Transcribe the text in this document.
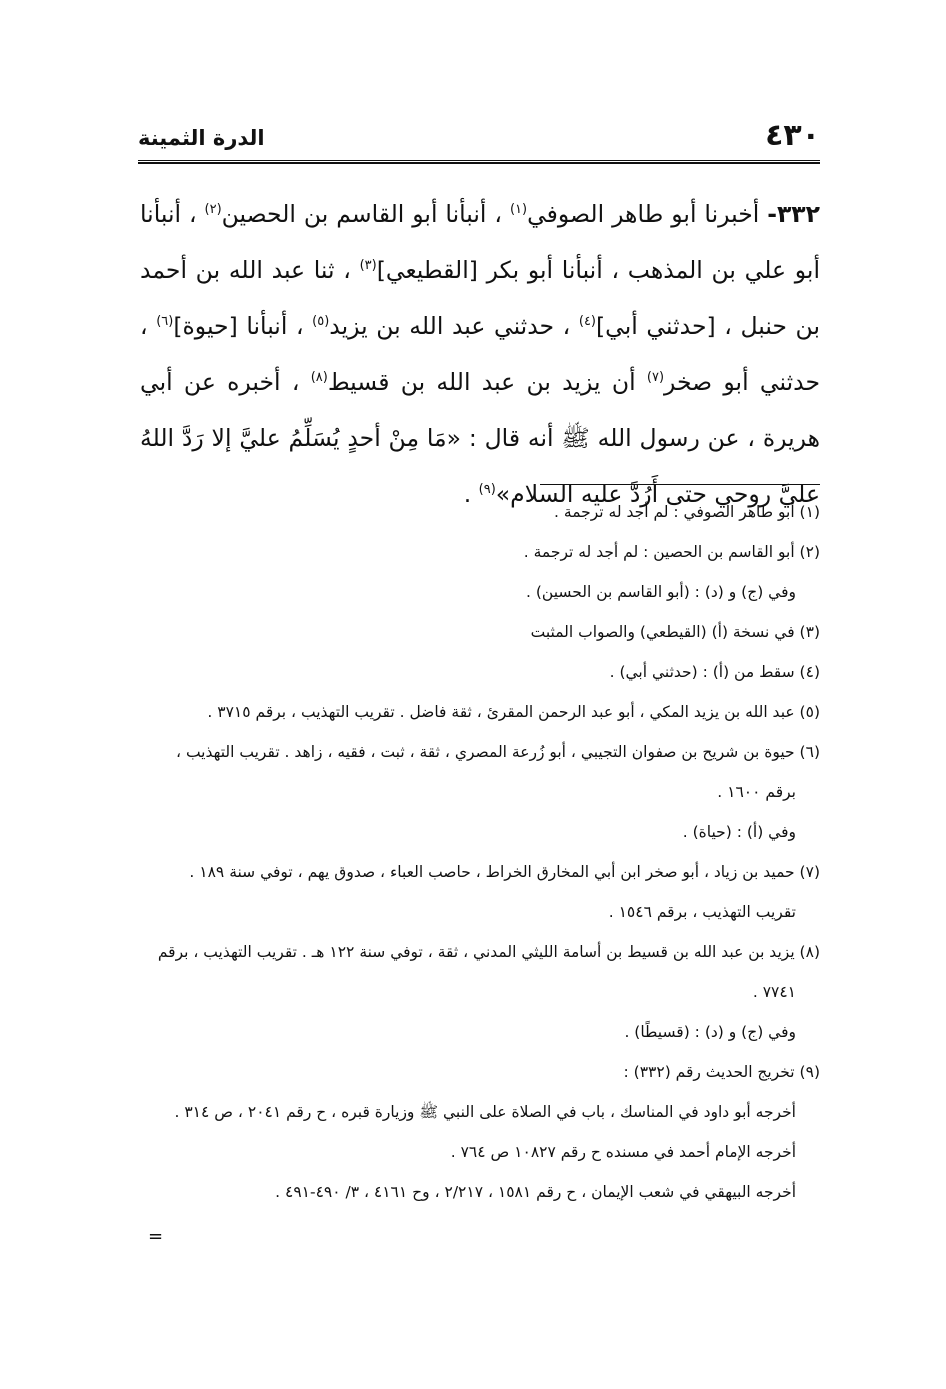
٤٣٠
الدرة الثمينة

٣٣٢- أخبرنا أبو طاهر الصوفي$^{(١)}$ ، أنبأنا أبو القاسم بن الحصين$^{(٢)}$ ، أنبأنا أبو علي بن المذهب ، أنبأنا أبو بكر [القطيعي]$^{(٣)}$ ، ثنا عبد الله بن أحمد بن حنبل ، [حدثني أبي]$^{(٤)}$ ، حدثني عبد الله بن يزيد$^{(٥)}$ ، أنبأنا [حيوة]$^{(٦)}$ ، حدثني أبو صخر$^{(٧)}$ أن يزيد بن عبد الله بن قسيط$^{(٨)}$ ، أخبره عن أبي هريرة ، عن رسول الله ﷺ أنه قال : «مَا مِنْ أحدٍ يُسَلِّمُ عليَّ إلا رَدَّ اللهُ عليَّ روحي حتى أَرُدَّ عليه السلام»$^{(٩)}$ .

(١) أبو طاهر الصوفي : لم أجد له ترجمة .
(٢) أبو القاسم بن الحصين : لم أجد له ترجمة .
وفي (ج) و (د) : (أبو القاسم بن الحسين) .
(٣) في نسخة (أ) (القيطعي) والصواب المثبت
(٤) سقط من (أ) : (حدثني أبي) .
(٥) عبد الله بن يزيد المكي ، أبو عبد الرحمن المقرئ ، ثقة فاضل . تقريب التهذيب ، برقم ٣٧١٥ .
(٦) حيوة بن شريح بن صفوان التجيبي ، أبو زُرعة المصري ، ثقة ، ثبت ، فقيه ، زاهد . تقريب التهذيب ،
برقم ١٦٠٠ .
وفي (أ) : (حياة) .
(٧) حميد بن زياد ، أبو صخر ابن أبي المخارق الخراط ، حاصب العباء ، صدوق يهم ، توفي سنة ١٨٩ .
تقريب التهذيب ، برقم ١٥٤٦ .
(٨) يزيد بن عبد الله بن قسيط بن أسامة الليثي المدني ، ثقة ، توفي سنة ١٢٢ هـ . تقريب التهذيب ، برقم
٧٧٤١ .
وفي (ج) و (د) : (قسيطًا) .
(٩) تخريج الحديث رقم (٣٣٢) :
أخرجه أبو داود في المناسك ، باب في الصلاة على النبي ﷺ وزيارة قبره ، ح رقم ٢٠٤١ ، ص ٣١٤ .
أخرجه الإمام أحمد في مسنده ح رقم ١٠٨٢٧ ص ٧٦٤ .
أخرجه البيهقي في شعب الإيمان ، ح رقم ١٥٨١ ، ٢/٢١٧ ، وح ٤١٦١ ، ٣/ ٤٩٠-٤٩١ .
=
